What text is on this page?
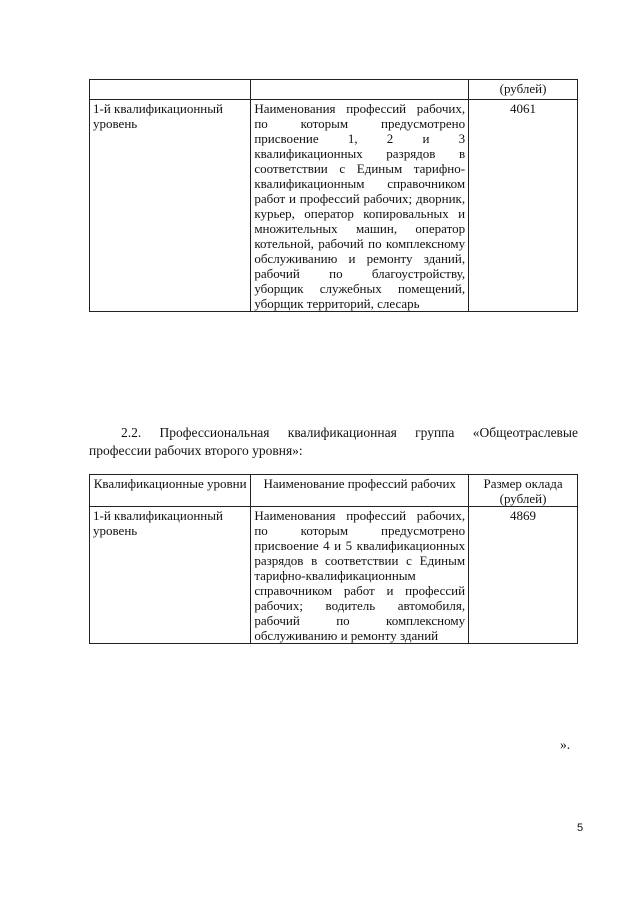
		(рублей)
1-й квалификационный уровень	Наименования профессий рабочих, по которым предусмотрено присвоение 1, 2 и 3 квалификационных разрядов в соответствии с Единым тарифно-квалификационным справочником работ и профессий рабочих; дворник, курьер, оператор копировальных и множительных машин, оператор котельной, рабочий по комплексному обслуживанию и ремонту зданий, рабочий по благоустройству, уборщик служебных помещений, уборщик территорий, слесарь	4061

2.2. Профессиональная квалификационная группа «Общеотраслевые профессии рабочих второго уровня»:

Квалификационные уровни	Наименование профессий рабочих	Размер оклада (рублей)
1-й квалификационный уровень	Наименования профессий рабочих, по которым предусмотрено присвоение 4 и 5 квалификационных разрядов в соответствии с Единым тарифно-квалификационным справочником работ и профессий рабочих; водитель автомобиля, рабочий по комплексному обслуживанию и ремонту зданий	4869
».
5
